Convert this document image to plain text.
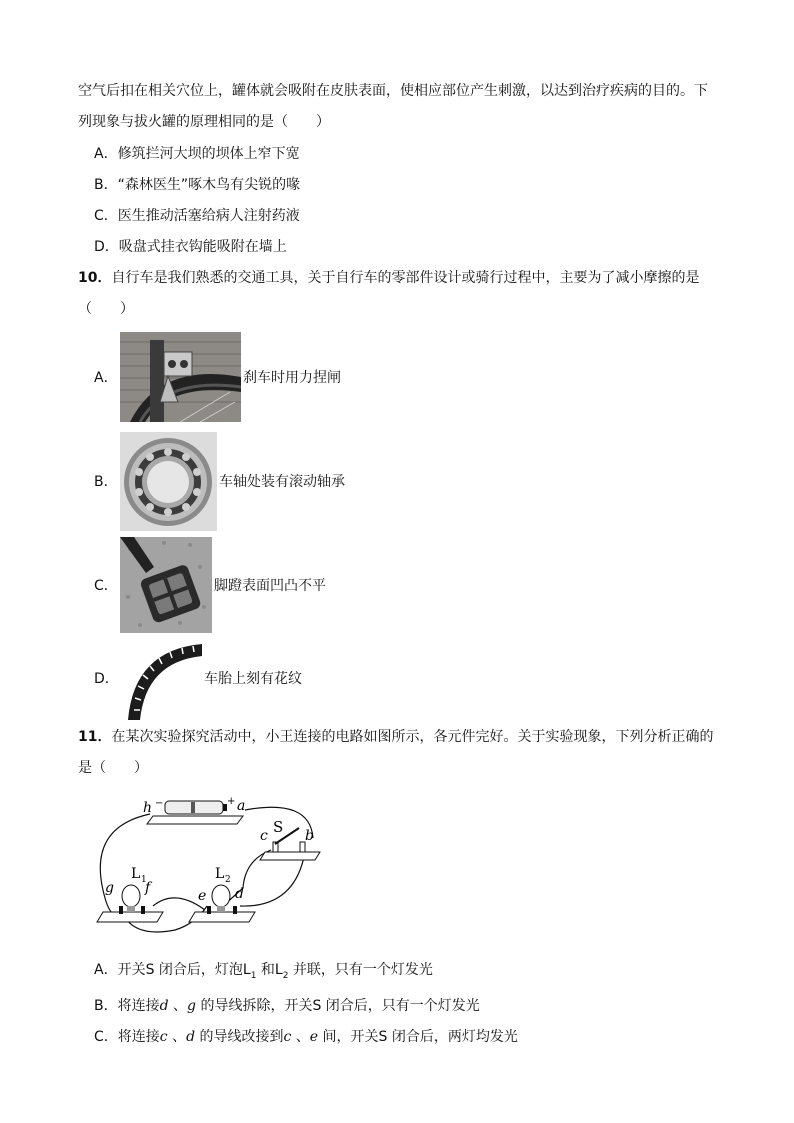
空气后扣在相关穴位上，罐体就会吸附在皮肤表面，使相应部位产生刺激，以达到治疗疾病的目的。下
列现象与拔火罐的原理相同的是（　　）
A．修筑拦河大坝的坝体上窄下宽
B．“森林医生”啄木鸟有尖锐的喙
C．医生推动活塞给病人注射药液
D．吸盘式挂衣钩能吸附在墙上
10．自行车是我们熟悉的交通工具，关于自行车的零部件设计或骑行过程中，主要为了减小摩擦的是
（　　）
A．	刹车时用力捏闸
B．	车轴处装有滚动轴承
C．	脚蹬表面凹凸不平
D．	车胎上刻有花纹
11．在某次实验探究活动中，小王连接的电路如图所示，各元件完好。关于实验现象，下列分析正确的
是（　　）
h −	+ a
S
c	b
L 1	L 2
g f	e d
A．开关S 闭合后，灯泡$L_1$ 和$L_2$ 并联，只有一个灯发光
B．将连接d 、g 的导线拆除，开关S 闭合后，只有一个灯发光
C．将连接c 、d 的导线改接到c 、e 间，开关S 闭合后，两灯均发光
